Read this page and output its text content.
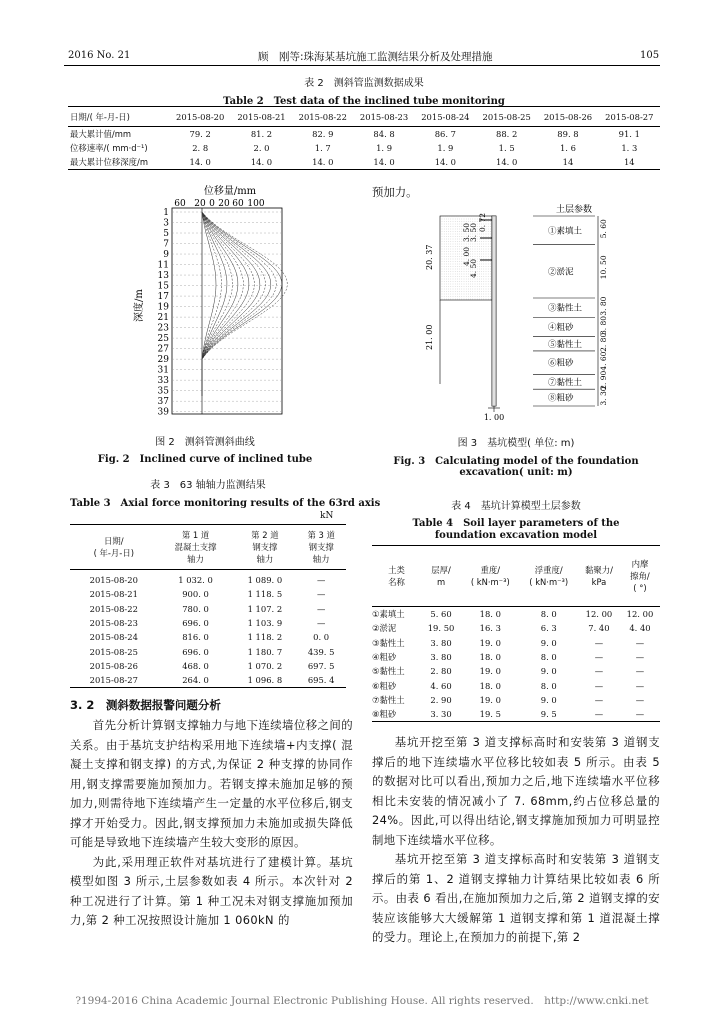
2016 No. 21	顾　刚等:珠海某基坑施工监测结果分析及处理措施	105
表 2　测斜管监测数据成果
Table 2　Test data of the inclined tube monitoring
日期/( 年-月-日)	2015-08-20	2015-08-21	2015-08-22	2015-08-23	2015-08-24	2015-08-25	2015-08-26	2015-08-27
最大累计值/mm	79. 2	81. 2	82. 9	84. 8	86. 7	88. 2	89. 8	91. 1
位移速率/( mm·d⁻¹)	2. 8	2. 0	1. 7	1. 9	1. 9	1. 5	1. 6	1. 3
最大累计位移深度/m	14. 0	14. 0	14. 0	14. 0	14. 0	14. 0	14	14
位移量/mm
60 20 0 20 60 100
1
3
5
7
9
11
13
15
17
19
21
23
25
27
29
31
33
35
37
39
深度/m
图 2　测斜管测斜曲线
Fig. 2　Inclined curve of inclined tube
表 3　63 轴轴力监测结果
Table 3　Axial force monitoring results of the 63rd axis
kN
日期/
( 年-月-日)	第 1 道
混凝土支撑
轴力	第 2 道
钢支撑
轴力	第 3 道
钢支撑
轴力
2015-08-20	1 032. 0	1 089. 0	—
2015-08-21	900. 0	1 118. 5	—
2015-08-22	780. 0	1 107. 2	—
2015-08-23	696. 0	1 103. 9	—
2015-08-24	816. 0	1 118. 2	0. 0
2015-08-25	696. 0	1 180. 7	439. 5
2015-08-26	468. 0	1 070. 2	697. 5
2015-08-27	264. 0	1 096. 8	695. 4
3. 2　测斜数据报警问题分析

首先分析计算钢支撑轴力与地下连续墙位移之间的关系。由于基坑支护结构采用地下连续墙+内支撑( 混凝土支撑和钢支撑) 的方式,为保证 2 种支撑的协同作用,钢支撑需要施加预加力。若钢支撑未施加足够的预加力,则需待地下连续墙产生一定量的水平位移后,钢支撑才开始受力。因此,钢支撑预加力未施加或损失降低可能是导致地下连续墙产生较大变形的原因。

为此,采用理正软件对基坑进行了建模计算。基坑模型如图 3 所示,土层参数如表 4 所示。本次针对 2 种工况进行了计算。第 1 种工况未对钢支撑施加预加力,第 2 种工况按照设计施加 1 060kN 的

预加力。
土层参数
①素填土 5. 60
②淤泥	10. 50
③黏性土 3. 80
④粗砂	3. 80
⑤黏性土 2. 80
⑥粗砂	4. 60
⑦黏性土 2. 90
⑧粗砂	3. 30
1. 00
20. 37
21. 00
3. 50
3. 50
4. 00
4. 50
0. 72
图 3　基坑模型( 单位: m)
Fig. 3　Calculating model of the foundation
excavation( unit: m)
表 4　基坑计算模型土层参数
Table 4　Soil layer parameters of the
foundation excavation model
土类
名称	层厚/
m	重度/
( kN·m⁻³)	浮重度/
( kN·m⁻³)	黏聚力/
kPa	内摩
擦角/
( °)
①素填土	5. 60	18. 0	8. 0	12. 00	12. 00
②淤泥	19. 50	16. 3	6. 3	7. 40	4. 40
③黏性土	3. 80	19. 0	9. 0	—	—
④粗砂	3. 80	18. 0	8. 0	—	—
⑤黏性土	2. 80	19. 0	9. 0	—	—
⑥粗砂	4. 60	18. 0	8. 0	—	—
⑦黏性土	2. 90	19. 0	9. 0	—	—
⑧粗砂	3. 30	19. 5	9. 5	—	—

基坑开挖至第 3 道支撑标高时和安装第 3 道钢支撑后的地下连续墙水平位移比较如表 5 所示。由表 5 的数据对比可以看出,预加力之后,地下连续墙水平位移相比未安装的情况减小了 7. 68mm,约占位移总量的 24%。因此,可以得出结论,钢支撑施加预加力可明显控制地下连续墙水平位移。

基坑开挖至第 3 道支撑标高时和安装第 3 道钢支撑后的第 1、2 道钢支撑轴力计算结果比较如表 6 所示。由表 6 看出,在施加预加力之后,第 2 道钢支撑的安装应该能够大大缓解第 1 道钢支撑和第 1 道混凝土撑的受力。理论上,在预加力的前提下,第 2

?1994-2016 China Academic Journal Electronic Publishing House. All rights reserved.　http://www.cnki.net
